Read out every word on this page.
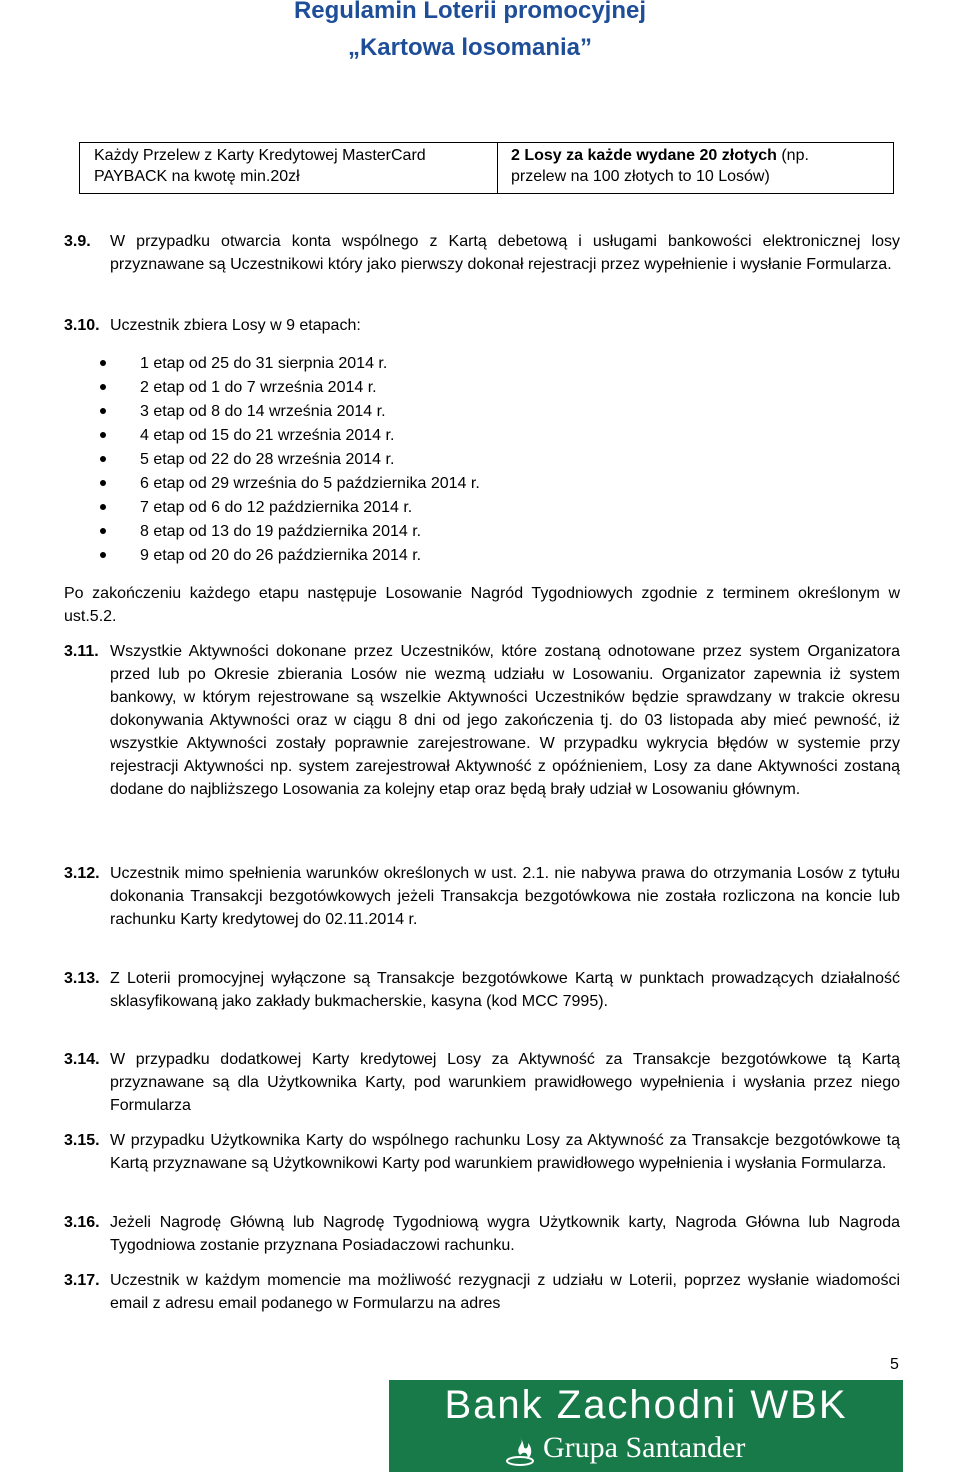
Regulamin Loterii promocyjnej
„Kartowa losomania”
Każdy Przelew z Karty Kredytowej MasterCard
PAYBACK na kwotę min.20zł

2 Losy za każde wydane 20 złotych (np.
przelew na 100 złotych to 10 Losów)
3.9. W przypadku otwarcia konta wspólnego z Kartą debetową i usługami bankowości elektronicznej losy przyznawane są Uczestnikowi który jako pierwszy dokonał rejestracji przez wypełnienie i wysłanie Formularza.
3.10. Uczestnik zbiera Losy w 9 etapach:
1 etap od 25 do 31 sierpnia 2014 r.
2 etap od 1 do 7 września 2014 r.
3 etap od 8 do 14 września 2014 r.
4 etap od 15 do 21 września 2014 r.
5 etap od 22 do 28 września 2014 r.
6 etap od 29 września do 5 października 2014 r.
7 etap od 6 do 12 października 2014 r.
8 etap od 13 do 19 października 2014 r.
9 etap od 20 do 26 października 2014 r.
Po zakończeniu każdego etapu następuje Losowanie Nagród Tygodniowych zgodnie z terminem określonym w ust.5.2.
3.11. Wszystkie Aktywności dokonane przez Uczestników, które zostaną odnotowane przez system Organizatora przed lub po Okresie zbierania Losów nie wezmą udziału w Losowaniu. Organizator zapewnia iż system bankowy, w którym rejestrowane są wszelkie Aktywności Uczestników będzie sprawdzany w trakcie okresu dokonywania Aktywności oraz w ciągu 8 dni od jego zakończenia tj. do 03 listopada aby mieć pewność, iż wszystkie Aktywności zostały poprawnie zarejestrowane. W przypadku wykrycia błędów w systemie przy rejestracji Aktywności np. system zarejestrował Aktywność z opóźnieniem, Losy za dane Aktywności zostaną dodane do najbliższego Losowania za kolejny etap oraz będą brały udział w Losowaniu głównym.
3.12. Uczestnik mimo spełnienia warunków określonych w ust. 2.1. nie nabywa prawa do otrzymania Losów z tytułu dokonania Transakcji bezgotówkowych jeżeli Transakcja bezgotówkowa nie została rozliczona na koncie lub rachunku Karty kredytowej do 02.11.2014 r.
3.13. Z Loterii promocyjnej wyłączone są Transakcje bezgotówkowe Kartą w punktach prowadzących działalność sklasyfikowaną jako zakłady bukmacherskie, kasyna (kod MCC 7995).
3.14. W przypadku dodatkowej Karty kredytowej Losy za Aktywność za Transakcje bezgotówkowe tą Kartą przyznawane są dla Użytkownika Karty, pod warunkiem prawidłowego wypełnienia i wysłania przez niego Formularza
3.15. W przypadku Użytkownika Karty do wspólnego rachunku Losy za Aktywność za Transakcje bezgotówkowe tą Kartą przyznawane są Użytkownikowi Karty pod warunkiem prawidłowego wypełnienia i wysłania Formularza.
3.16. Jeżeli Nagrodę Główną lub Nagrodę Tygodniową wygra Użytkownik karty, Nagroda Główna lub Nagroda Tygodniowa zostanie przyznana Posiadaczowi rachunku.
3.17. Uczestnik w każdym momencie ma możliwość rezygnacji z udziału w Loterii, poprzez wysłanie wiadomości email z adresu email podanego w Formularzu na adres
5
Bank Zachodni WBK
Grupa Santander
